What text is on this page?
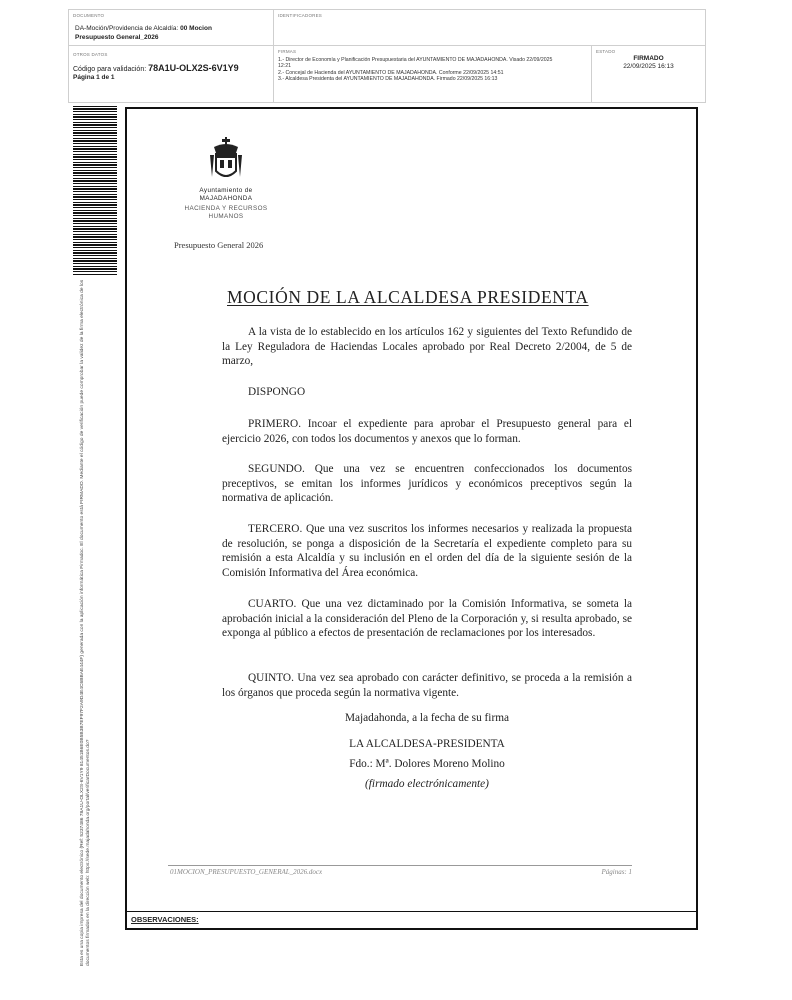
DOCUMENTO
DA-Moción/Providencia de Alcaldía: 00 Mocion
Presupuesto General_2026
IDENTIFICADORES
OTROS DATOS
Código para validación: 78A1U-OLX2S-6V1Y9
Página 1 de 1
FIRMAS
1.- Director de Economía y Planificación Presupuestaria del AYUNTAMIENTO DE MAJADAHONDA. Visado 22/09/2025
12:21
2.- Concejal de Hacienda del AYUNTAMIENTO DE MAJADAHONDA. Conforme 22/09/2025 14:51
3.- Alcaldesa Presidenta del AYUNTAMIENTO DE MAJADAHONDA. Firmado 22/09/2025 16:13
ESTADO
FIRMADO
22/09/2025 16:13
Esta es una copia impresa del documento electrónico (Ref: 5237486 78A1U-OLX2S-6V1Y9 81451B6E0B5B3B7EF97F2A9D4E4C6BBAE444F) generada con la aplicación informática Firmadoc. El documento está FIRMADO. Mediante el código de verificación puede comprobar la validez de la firma electrónica de los documentos firmados en la dirección web: https://sede.majadahonda.org/portal/verificarDocumentos.do?	OBSERVACIONES:
Ayuntamiento de
MAJADAHONDA
HACIENDA Y RECURSOS
HUMANOS
Presupuesto General 2026
MOCIÓN DE LA ALCALDESA PRESIDENTA
A la vista de lo establecido en los artículos 162 y siguientes del Texto Refundido de la Ley Reguladora de Haciendas Locales aprobado por Real Decreto 2/2004, de 5 de marzo,
DISPONGO
PRIMERO. Incoar el expediente para aprobar el Presupuesto general para el ejercicio 2026, con todos los documentos y anexos que lo forman.
SEGUNDO. Que una vez se encuentren confeccionados los documentos preceptivos, se emitan los informes jurídicos y económicos preceptivos según la normativa de aplicación.
TERCERO. Que una vez suscritos los informes necesarios y realizada la propuesta de resolución, se ponga a disposición de la Secretaría el expediente completo para su remisión a esta Alcaldía y su inclusión en el orden del día de la siguiente sesión de la Comisión Informativa del Área económica.
CUARTO. Que una vez dictaminado por la Comisión Informativa, se someta la aprobación inicial a la consideración del Pleno de la Corporación y, si resulta aprobado, se exponga al público a efectos de presentación de reclamaciones por los interesados.
QUINTO. Una vez sea aprobado con carácter definitivo, se proceda a la remisión a los órganos que proceda según la normativa vigente.
Majadahonda, a la fecha de su firma
LA ALCALDESA-PRESIDENTA
Fdo.: Mª. Dolores Moreno Molino
(firmado electrónicamente)
01MOCION_PRESUPUESTO_GENERAL_2026.docx	Páginas: 1
